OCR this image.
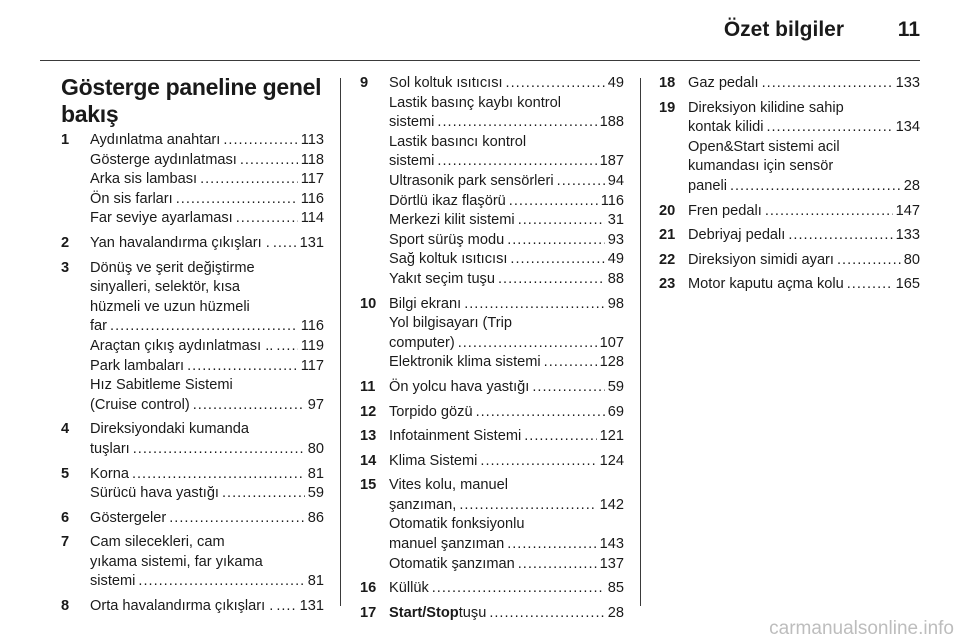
Özet bilgiler	11
Gösterge paneline genel
bakış
1 Aydınlatma anahtarı .....	113
Gösterge aydınlatması .....	118
Arka sis lambası .....	117
Ön sis farları .....	116
Far seviye ayarlaması .....	114
2 Yan havalandırma çıkışları . ..... 131
3 Dönüş ve şerit değiştirme
sinyalleri, selektör, kısa
hüzmeli ve uzun hüzmeli
far .....	116
Araçtan çıkış aydınlatması .. ..... 119
Park lambaları .....	117
Hız Sabitleme Sistemi
(Cruise control) .....	97
4 Direksiyondaki kumanda
tuşları .....	80
5 Korna .....	81
Sürücü hava yastığı .....	59
6 Göstergeler .....	86
7 Cam silecekleri, cam
yıkama sistemi, far yıkama
sistemi .....	81
8 Orta havalandırma çıkışları . ..... 131
9 Sol koltuk ısıtıcısı .....	49
Lastik basınç kaybı kontrol
sistemi .....	188
Lastik basıncı kontrol
sistemi .....	187
Ultrasonik park sensörleri .....	94
Dörtlü ikaz flaşörü .....	116
Merkezi kilit sistemi .....	31
Sport sürüş modu .....	93
Sağ koltuk ısıtıcısı .....	49
Yakıt seçim tuşu .....	88
10 Bilgi ekranı .....	98
Yol bilgisayarı (Trip
computer) .....	107
Elektronik klima sistemi .....	128
11 Ön yolcu hava yastığı .....	59
12 Torpido gözü .....	69
13 Infotainment Sistemi .....	121
14 Klima Sistemi .....	124
15 Vites kolu, manuel
şanzıman, .....	142
Otomatik fonksiyonlu
manuel şanzıman .....	143
Otomatik şanzıman .....	137
16 Küllük .....	85
17 Start/Stop tuşu .....	28
18 Gaz pedalı .....	133
19 Direksiyon kilidine sahip
kontak kilidi .....	134
Open&Start sistemi acil
kumandası için sensör
paneli .....	28
20 Fren pedalı .....	147
21 Debriyaj pedalı .....	133
22 Direksiyon simidi ayarı .....	80
23 Motor kaputu açma kolu .....	165
carmanualsonline.info
